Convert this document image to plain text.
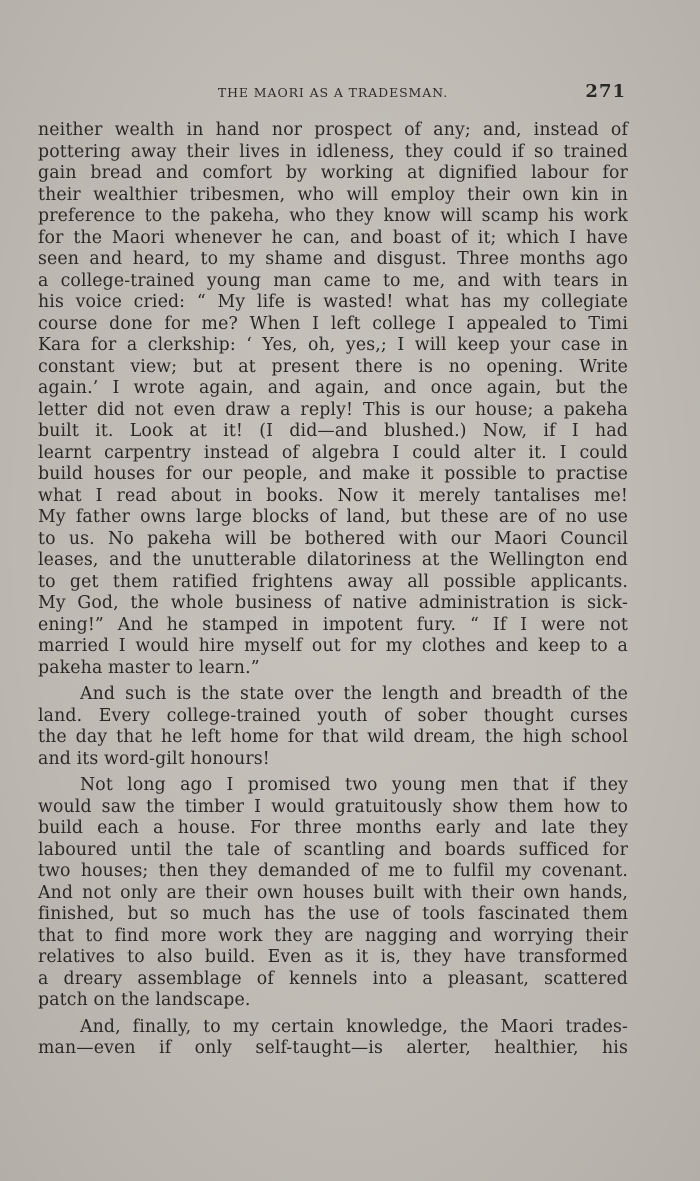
THE MAORI AS A TRADESMAN.	271
neither wealth in hand nor prospect of any; and, instead of
pottering away their lives in idleness, they could if so trained
gain bread and comfort by working at dignified labour for
their wealthier tribesmen, who will employ their own kin in
preference to the pakeha, who they know will scamp his work
for the Maori whenever he can, and boast of it; which I have
seen and heard, to my shame and disgust. Three months ago
a college-trained young man came to me, and with tears in
his voice cried: “ My life is wasted! what has my collegiate
course done for me? When I left college I appealed to Timi
Kara for a clerkship: ‘ Yes, oh, yes,; I will keep your case in
constant view; but at present there is no opening. Write
again.’ I wrote again, and again, and once again, but the
letter did not even draw a reply! This is our house; a pakeha
built it. Look at it! (I did—and blushed.) Now, if I had
learnt carpentry instead of algebra I could alter it. I could
build houses for our people, and make it possible to practise
what I read about in books. Now it merely tantalises me!
My father owns large blocks of land, but these are of no use
to us. No pakeha will be bothered with our Maori Council
leases, and the unutterable dilatoriness at the Wellington end
to get them ratified frightens away all possible applicants.
My God, the whole business of native administration is sick-
ening!” And he stamped in impotent fury. “ If I were not
married I would hire myself out for my clothes and keep to a
pakeha master to learn.”
And such is the state over the length and breadth of the
land. Every college-trained youth of sober thought curses
the day that he left home for that wild dream, the high school
and its word-gilt honours!
Not long ago I promised two young men that if they
would saw the timber I would gratuitously show them how to
build each a house. For three months early and late they
laboured until the tale of scantling and boards sufficed for
two houses; then they demanded of me to fulfil my covenant.
And not only are their own houses built with their own hands,
finished, but so much has the use of tools fascinated them
that to find more work they are nagging and worrying their
relatives to also build. Even as it is, they have transformed
a dreary assemblage of kennels into a pleasant, scattered
patch on the landscape.
And, finally, to my certain knowledge, the Maori trades-
man—even if only self-taught—is alerter, healthier, his
